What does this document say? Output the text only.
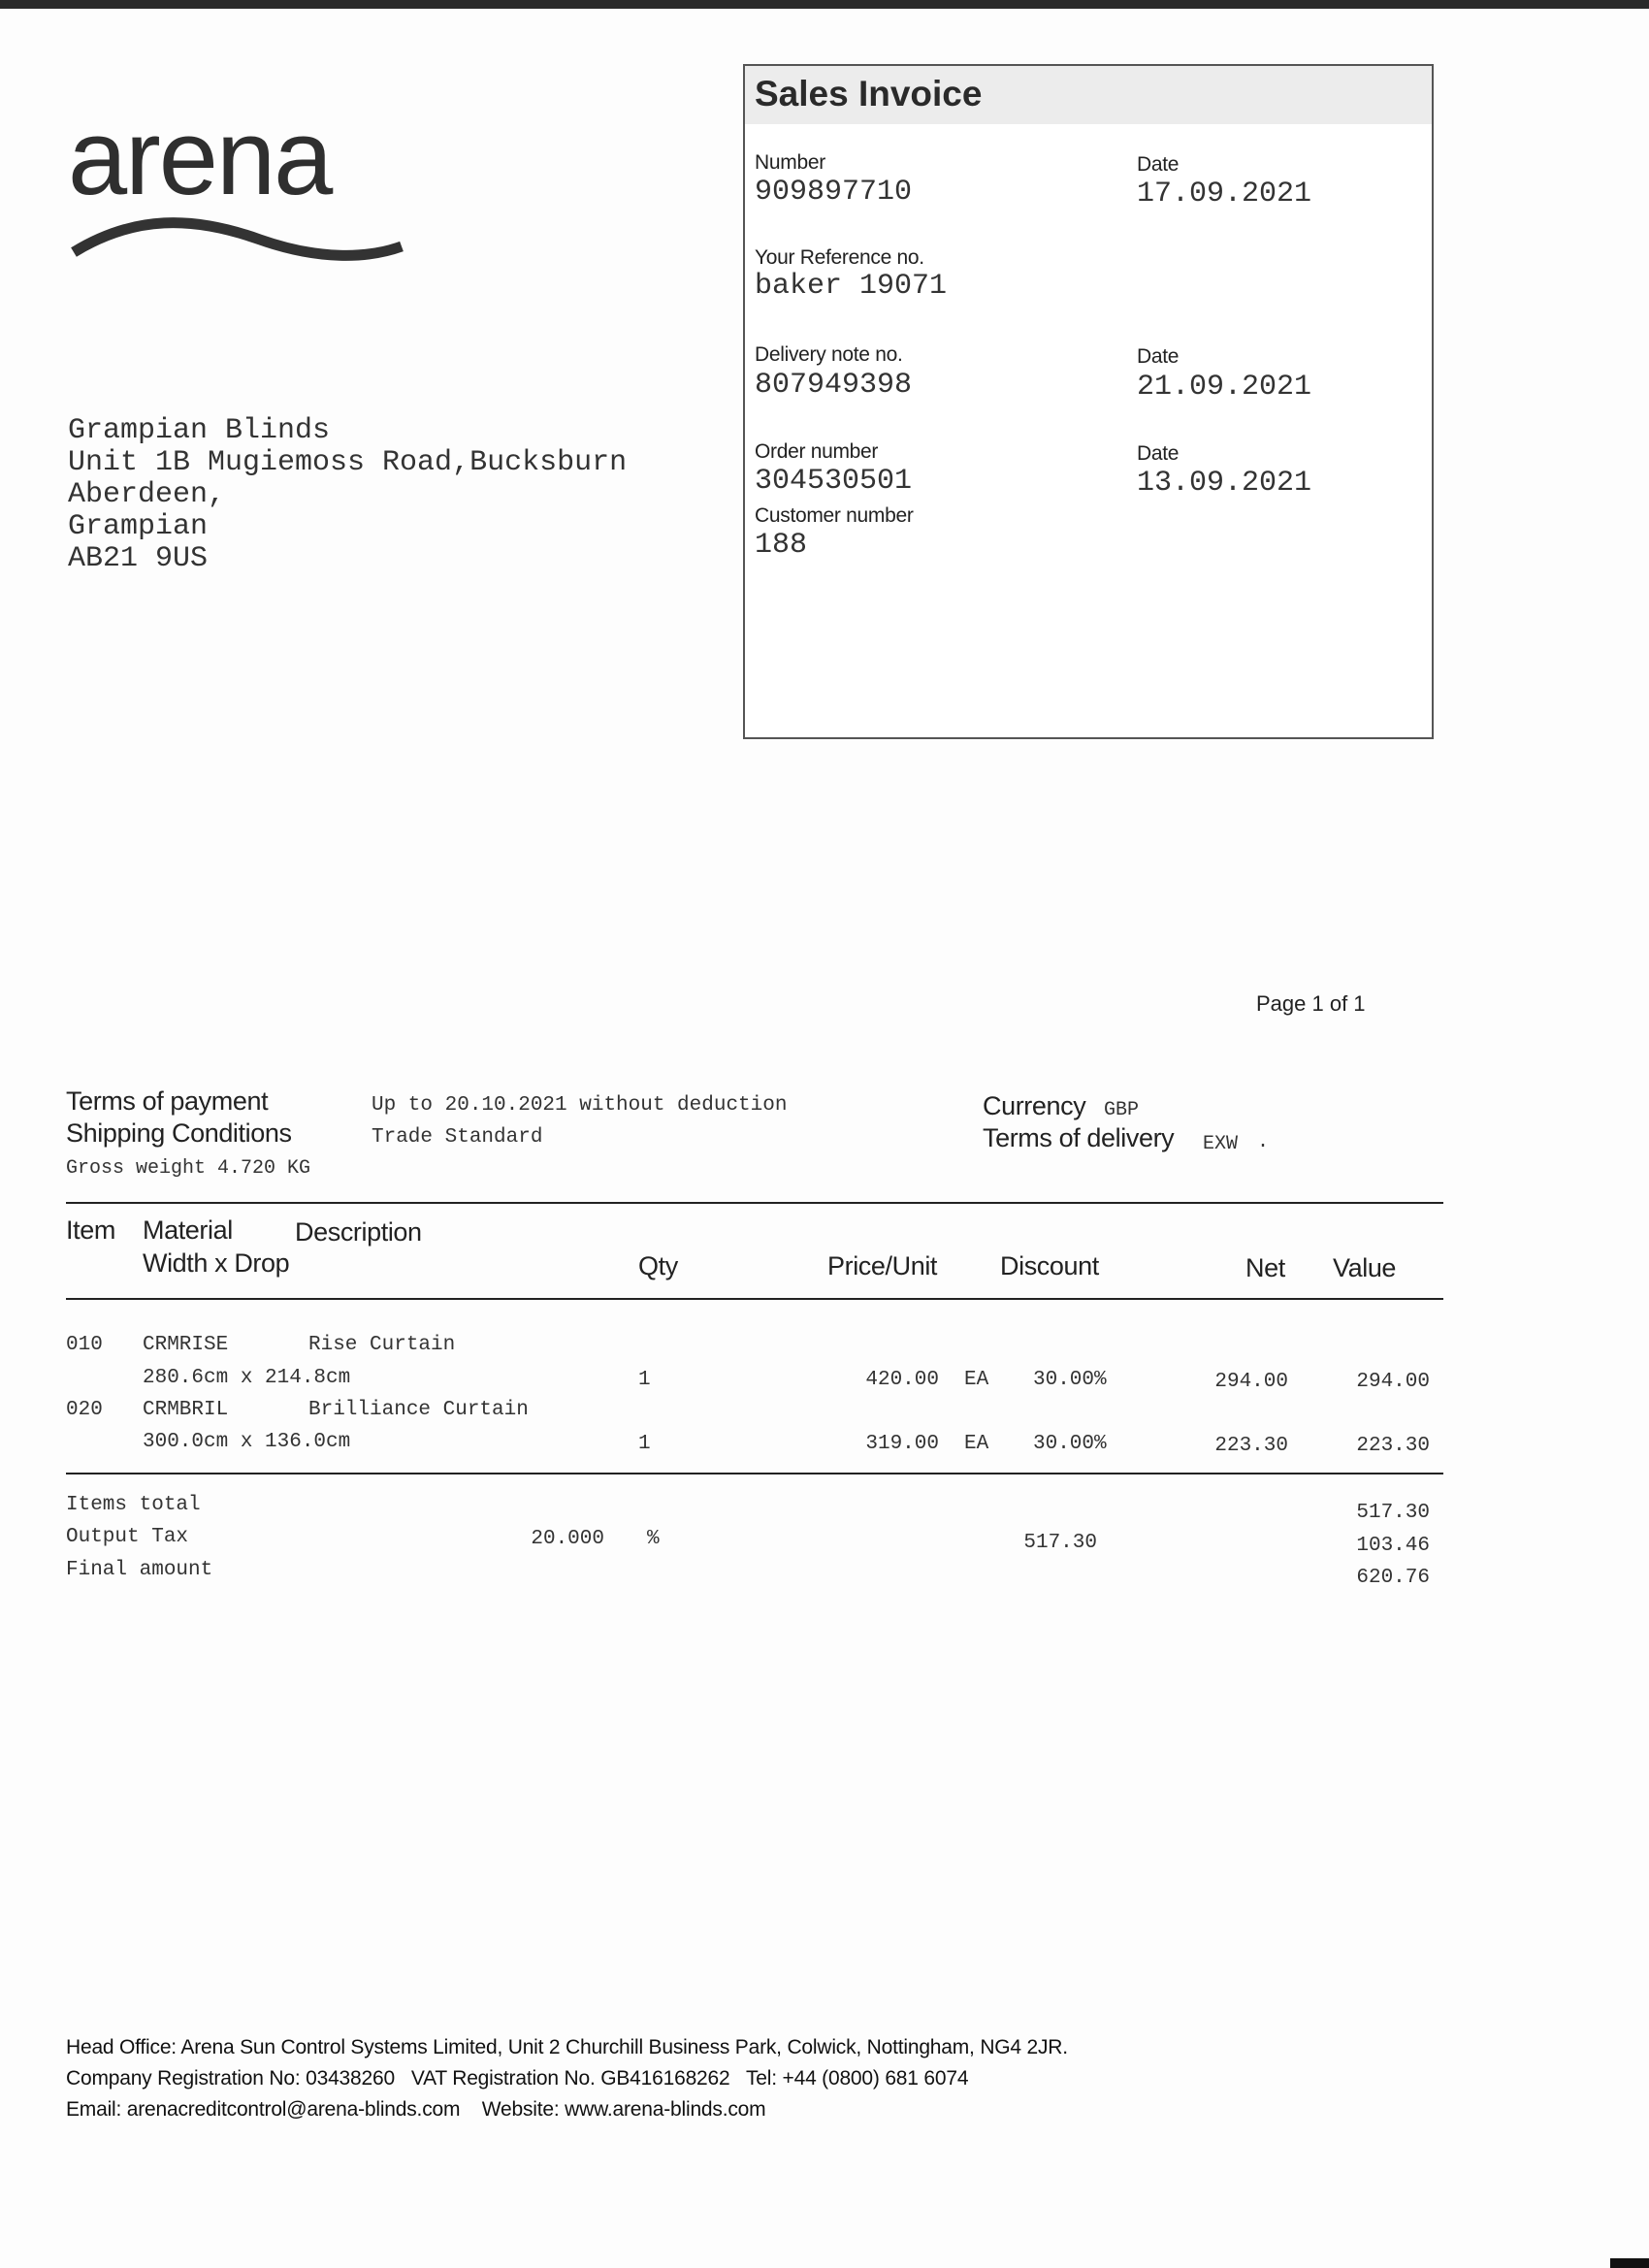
arena
Grampian Blinds
Unit 1B Mugiemoss Road,Bucksburn
Aberdeen,
Grampian
AB21 9US
Sales Invoice
Number
909897710
Date
17.09.2021
Your Reference no.
baker 19071
Delivery note no.
807949398
Date
21.09.2021
Order number
304530501
Date
13.09.2021
Customer number
188
Page 1 of 1
Terms of payment	Up to 20.10.2021 without deduction
Shipping Conditions	Trade Standard
Gross weight 4.720 KG
Currency GBP
Terms of delivery EXW .
Item Material Description
Width x Drop	Qty	Price/Unit Discount	Net Value
010 CRMRISE	Rise Curtain
280.6cm x 214.8cm	1	420.00 EA 30.00%	294.00	294.00
020 CRMBRIL	Brilliance Curtain
300.0cm x 136.0cm	1	319.00 EA 30.00%	223.30	223.30
Items total	517.30
Output Tax	20.000 %	517.30	103.46
Final amount	620.76
Head Office: Arena Sun Control Systems Limited, Unit 2 Churchill Business Park, Colwick, Nottingham, NG4 2JR.
Company Registration No: 03438260   VAT Registration No. GB416168262   Tel: +44 (0800) 681 6074
Email: arenacreditcontrol@arena-blinds.com    Website: www.arena-blinds.com
